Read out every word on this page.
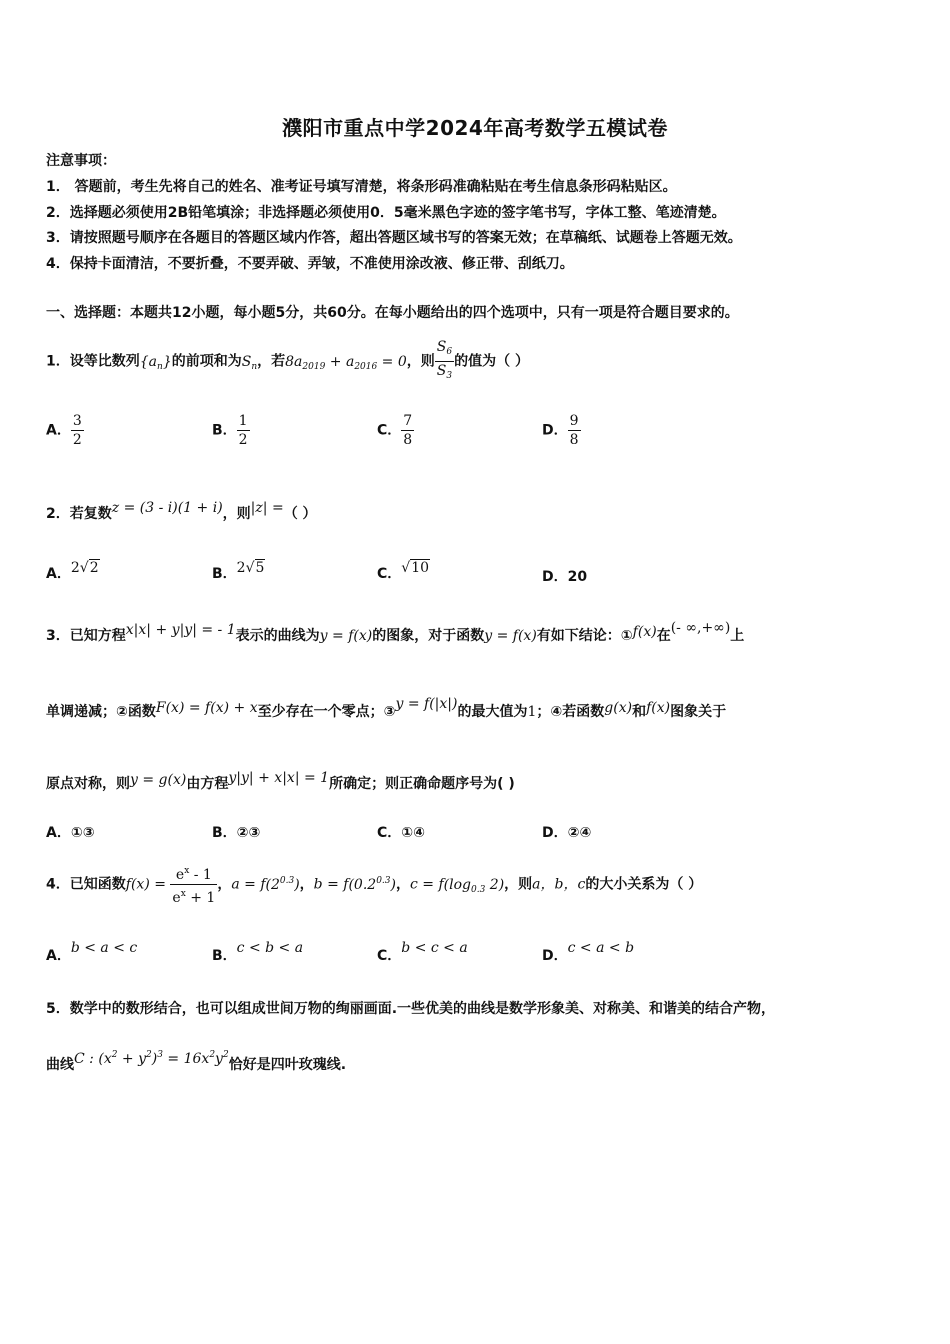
濮阳市重点中学2024年高考数学五模试卷
注意事项：
1． 答题前，考生先将自己的姓名、准考证号填写清楚，将条形码准确粘贴在考生信息条形码粘贴区。
2．选择题必须使用2B铅笔填涂；非选择题必须使用0．5毫米黑色字迹的签字笔书写，字体工整、笔迹清楚。
3．请按照题号顺序在各题目的答题区域内作答，超出答题区域书写的答案无效；在草稿纸、试题卷上答题无效。
4．保持卡面清洁，不要折叠，不要弄破、弄皱，不准使用涂改液、修正带、刮纸刀。
一、选择题：本题共12小题，每小题5分，共60分。在每小题给出的四个选项中，只有一项是符合题目要求的。
1．设等比数列$\{a_n\}$的前项和为$S_n$，若$8a_{2019} + a_{2016} = 0$，则 $\frac{S_6}{S_3}$ 的值为（ ）
A． $\frac{3}{2}$	B． $\frac{1}{2}$	C． $\frac{7}{8}$	D． $\frac{9}{8}$
2．若复数z = (3 - i)(1 + i)，则|z| =（ ）
A．2√2	B．2√5	C．√10
D．20
3．已知方程x|x| + y|y| = - 1表示的曲线为y = f(x)的图象，对于函数y = f(x)有如下结论：①f(x)在(- ∞,+∞)上
单调递减；②函数F(x) = f(x) + x至少存在一个零点；③y = f(|x|)的最大值为1；④若函数g(x)和f(x)图象关于
原点对称，则y = g(x)由方程y|y| + x|x| = 1所确定；则正确命题序号为( )
A．①③	B．②③	C．①④	D．②④
4．已知函数$f(x) = \frac{e^x - 1}{e^x + 1}$ ，$a = f(2^{0.3})$，$b = f(0.2^{0.3})$，$c = f(\log_{0.3}$ 2)，则a，b，c的大小关系为（ ）
A．b < a < c	B．c < b < a	C．b < c < a	D．c < a < b
5．数学中的数形结合，也可以组成世间万物的绚丽画面.一些优美的曲线是数学形象美、对称美、和谐美的结合产物，
曲线C : $(x^2 + y^2)^3 = 16x^2y^2$恰好是四叶玫瑰线.
